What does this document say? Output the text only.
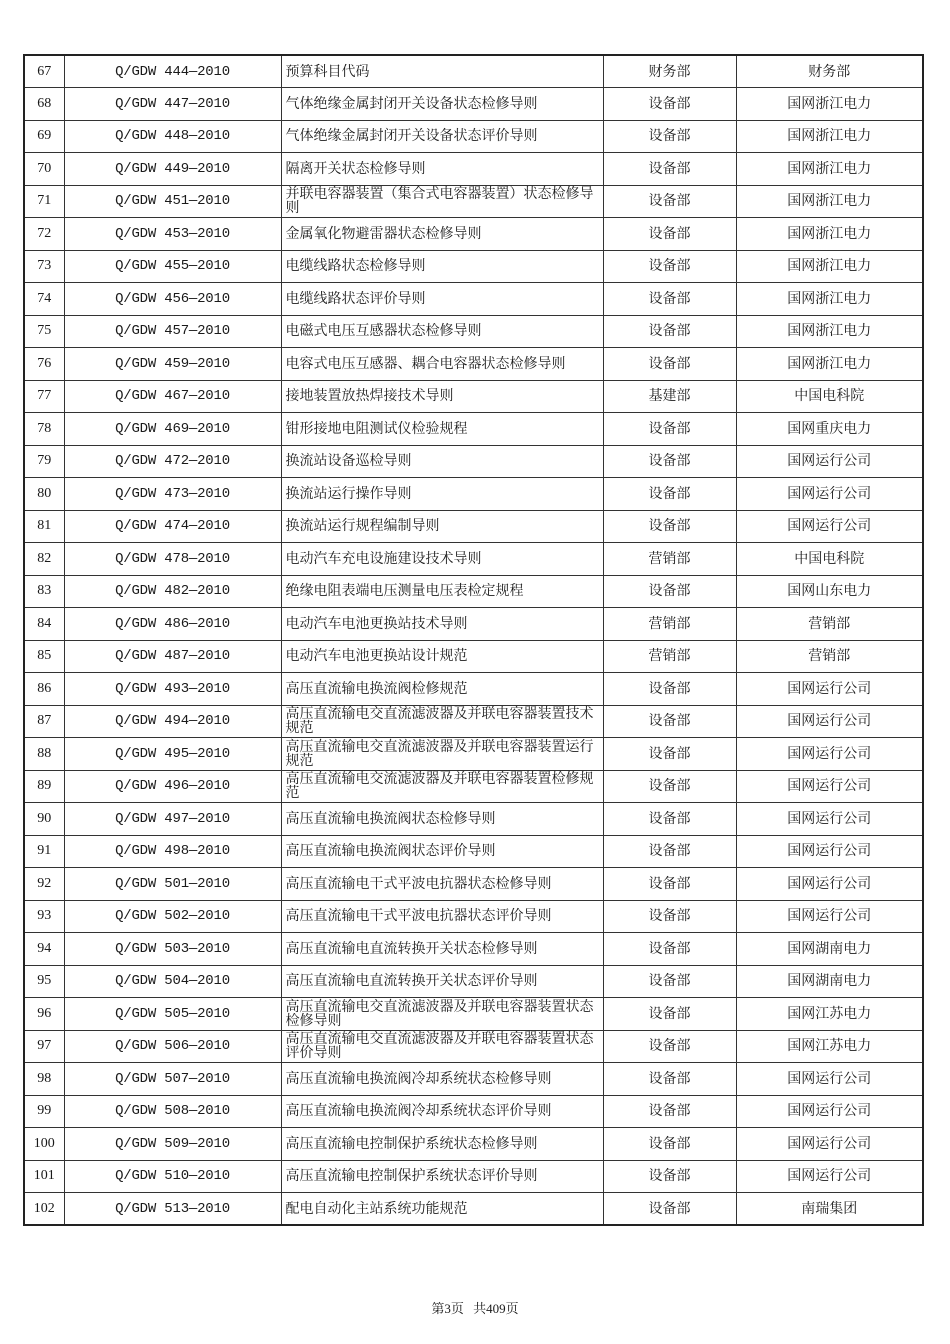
67	Q/GDW 444—2010	预算科目代码	财务部	财务部
68	Q/GDW 447—2010	气体绝缘金属封闭开关设备状态检修导则	设备部	国网浙江电力
69	Q/GDW 448—2010	气体绝缘金属封闭开关设备状态评价导则	设备部	国网浙江电力
70	Q/GDW 449—2010	隔离开关状态检修导则	设备部	国网浙江电力
71	Q/GDW 451—2010	并联电容器装置（集合式电容器装置）状态检修导则	设备部	国网浙江电力
72	Q/GDW 453—2010	金属氧化物避雷器状态检修导则	设备部	国网浙江电力
73	Q/GDW 455—2010	电缆线路状态检修导则	设备部	国网浙江电力
74	Q/GDW 456—2010	电缆线路状态评价导则	设备部	国网浙江电力
75	Q/GDW 457—2010	电磁式电压互感器状态检修导则	设备部	国网浙江电力
76	Q/GDW 459—2010	电容式电压互感器、耦合电容器状态检修导则	设备部	国网浙江电力
77	Q/GDW 467—2010	接地装置放热焊接技术导则	基建部	中国电科院
78	Q/GDW 469—2010	钳形接地电阻测试仪检验规程	设备部	国网重庆电力
79	Q/GDW 472—2010	换流站设备巡检导则	设备部	国网运行公司
80	Q/GDW 473—2010	换流站运行操作导则	设备部	国网运行公司
81	Q/GDW 474—2010	换流站运行规程编制导则	设备部	国网运行公司
82	Q/GDW 478—2010	电动汽车充电设施建设技术导则	营销部	中国电科院
83	Q/GDW 482—2010	绝缘电阻表端电压测量电压表检定规程	设备部	国网山东电力
84	Q/GDW 486—2010	电动汽车电池更换站技术导则	营销部	营销部
85	Q/GDW 487—2010	电动汽车电池更换站设计规范	营销部	营销部
86	Q/GDW 493—2010	高压直流输电换流阀检修规范	设备部	国网运行公司
87	Q/GDW 494—2010	高压直流输电交直流滤波器及并联电容器装置技术规范	设备部	国网运行公司
88	Q/GDW 495—2010	高压直流输电交直流滤波器及并联电容器装置运行规范	设备部	国网运行公司
89	Q/GDW 496—2010	高压直流输电交流滤波器及并联电容器装置检修规范	设备部	国网运行公司
90	Q/GDW 497—2010	高压直流输电换流阀状态检修导则	设备部	国网运行公司
91	Q/GDW 498—2010	高压直流输电换流阀状态评价导则	设备部	国网运行公司
92	Q/GDW 501—2010	高压直流输电干式平波电抗器状态检修导则	设备部	国网运行公司
93	Q/GDW 502—2010	高压直流输电干式平波电抗器状态评价导则	设备部	国网运行公司
94	Q/GDW 503—2010	高压直流输电直流转换开关状态检修导则	设备部	国网湖南电力
95	Q/GDW 504—2010	高压直流输电直流转换开关状态评价导则	设备部	国网湖南电力
96	Q/GDW 505—2010	高压直流输电交直流滤波器及并联电容器装置状态检修导则	设备部	国网江苏电力
97	Q/GDW 506—2010	高压直流输电交直流滤波器及并联电容器装置状态评价导则	设备部	国网江苏电力
98	Q/GDW 507—2010	高压直流输电换流阀冷却系统状态检修导则	设备部	国网运行公司
99	Q/GDW 508—2010	高压直流输电换流阀冷却系统状态评价导则	设备部	国网运行公司
100	Q/GDW 509—2010	高压直流输电控制保护系统状态检修导则	设备部	国网运行公司
101	Q/GDW 510—2010	高压直流输电控制保护系统状态评价导则	设备部	国网运行公司
102	Q/GDW 513—2010	配电自动化主站系统功能规范	设备部	南瑞集团
第3页 共409页
